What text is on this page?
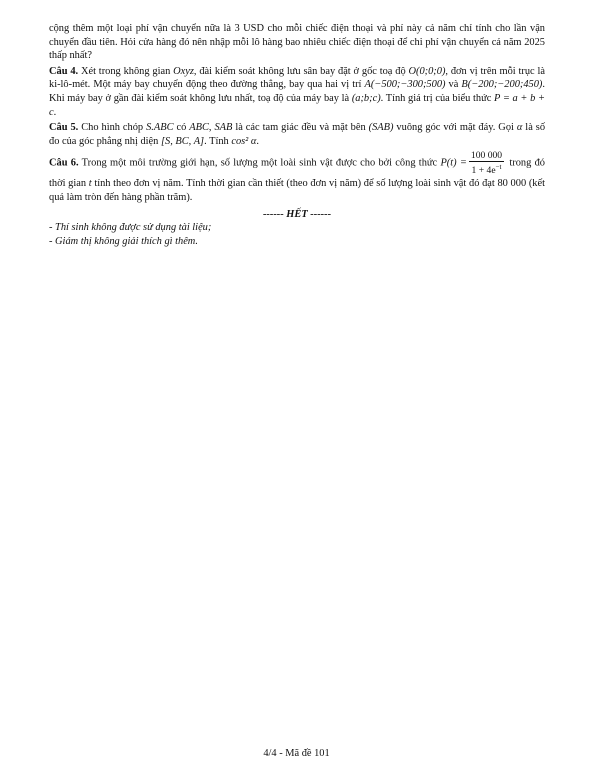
cộng thêm một loại phí vận chuyển nữa là 3 USD cho mỗi chiếc điện thoại và phí này cả năm chỉ tính cho lần vận chuyển đầu tiên. Hỏi cửa hàng đó nên nhập mỗi lô hàng bao nhiêu chiếc điện thoại để chi phí vận chuyển cả năm 2025 thấp nhất?

Câu 4. Xét trong không gian Oxyz, đài kiểm soát không lưu sân bay đặt ở gốc toạ độ O(0;0;0), đơn vị trên mỗi trục là ki-lô-mét. Một máy bay chuyển động theo đường thẳng, bay qua hai vị trí A(−500;−300;500) và B(−200;−200;450). Khi máy bay ở gần đài kiểm soát không lưu nhất, toạ độ của máy bay là (a;b;c). Tính giá trị của biểu thức P = a + b + c.

Câu 5. Cho hình chóp S.ABC có ABC, SAB là các tam giác đều và mặt bên (SAB) vuông góc với mặt đáy. Gọi α là số đo của góc phẳng nhị diện [S, BC, A]. Tính cos² α.

Câu 6. Trong một môi trường giới hạn, số lượng một loài sinh vật được cho bởi công thức $P(t) = \frac{100 000}{1 + 4e^{-t}}$ trong đó thời gian t tính theo đơn vị năm. Tính thời gian cần thiết (theo đơn vị năm) để số lượng loài sinh vật đó đạt 80 000 (kết quả làm tròn đến hàng phần trăm).

------ HẾT ------

- Thí sinh không được sử dụng tài liệu;

- Giám thị không giải thích gì thêm.

4/4 - Mã đề 101
